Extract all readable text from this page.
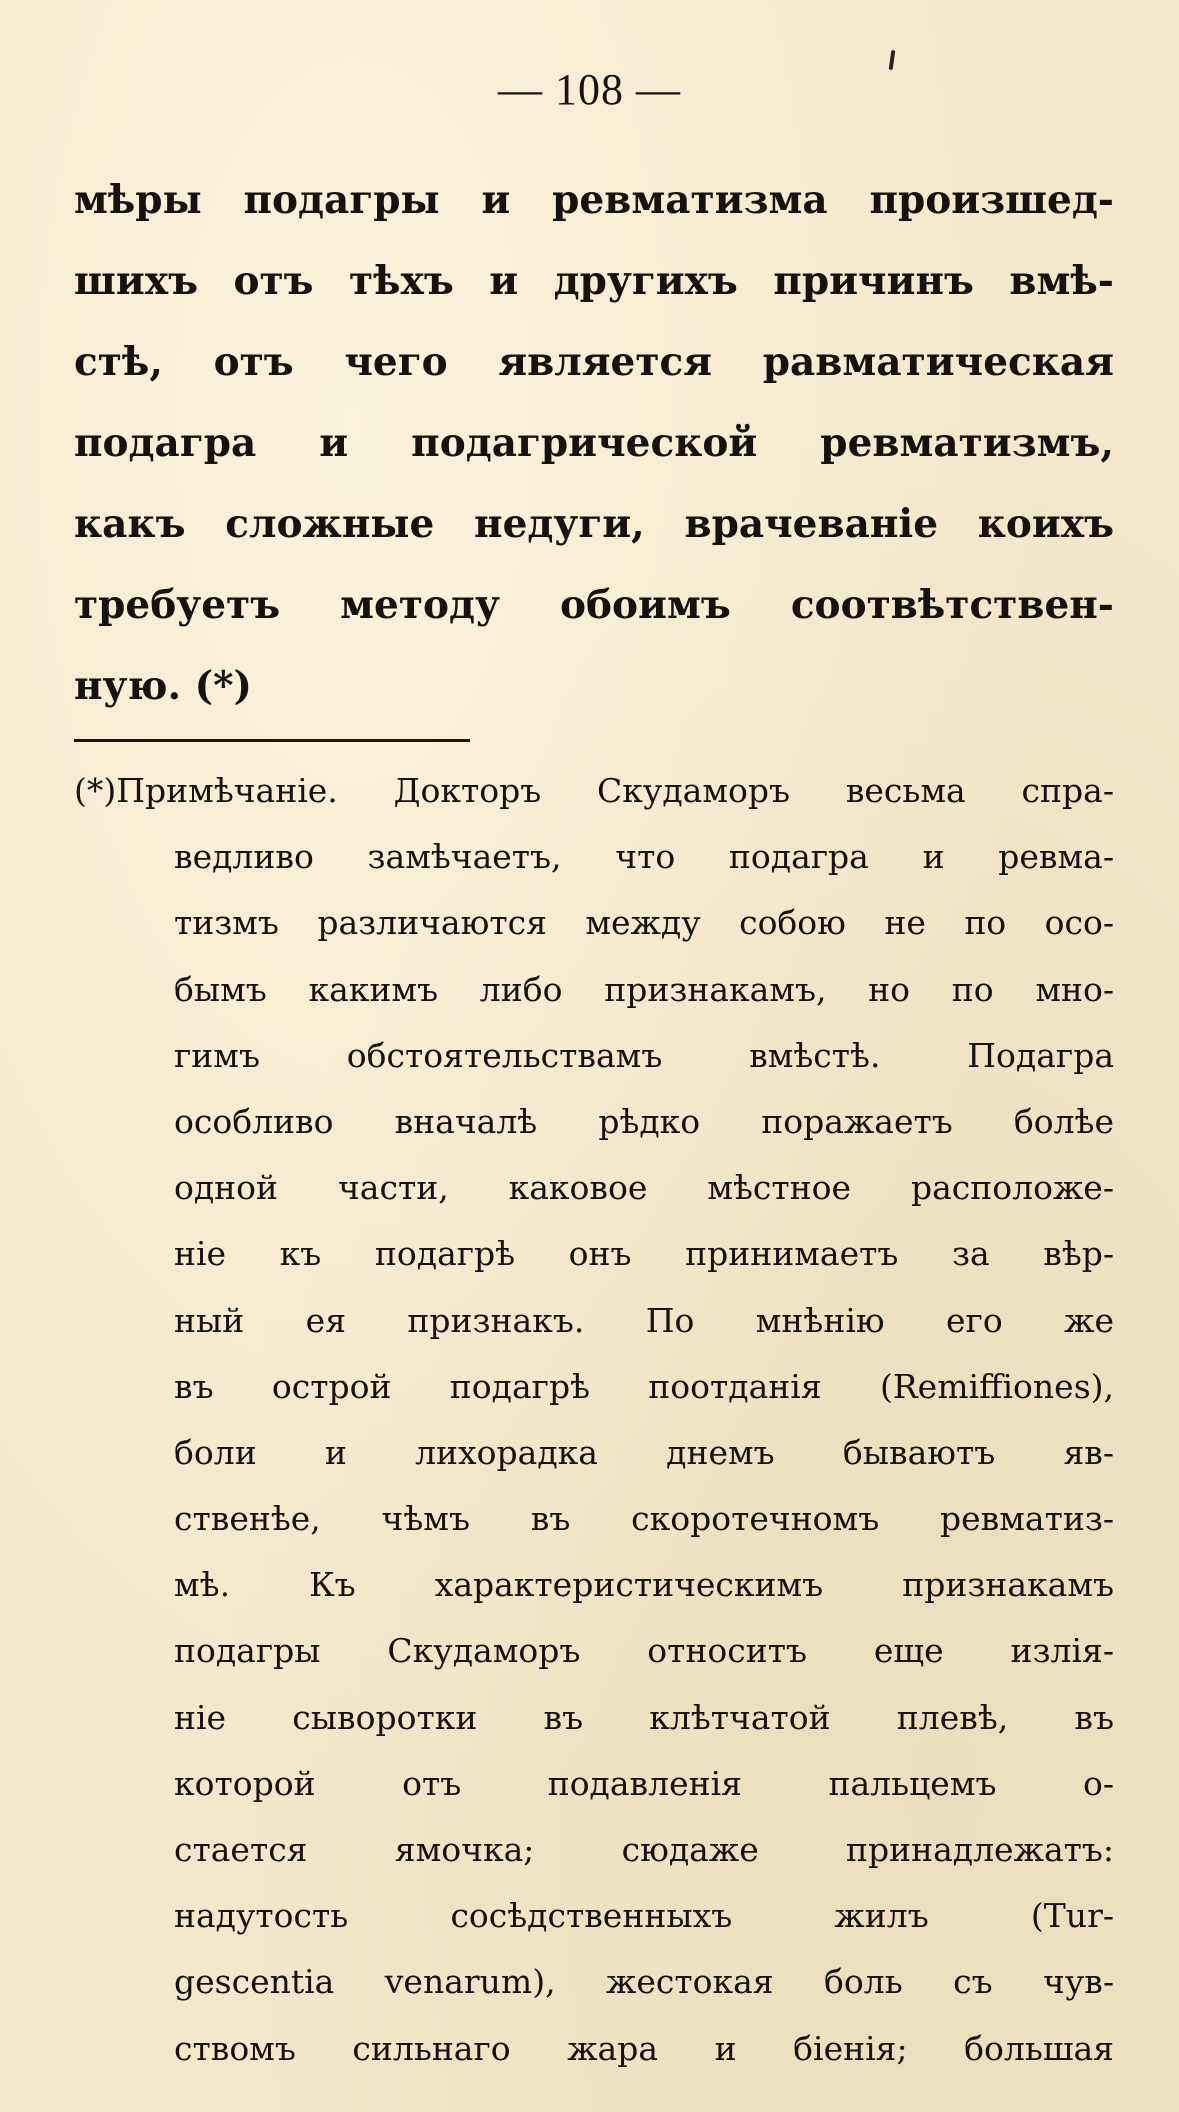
— 108 —
мѣры подагры и ревматизма произшед-
шихъ отъ тѣхъ и другихъ причинъ вмѣ-
стѣ, отъ чего является равматическая
подагра и подагрической ревматизмъ,
какъ сложные недуги, врачеванiе коихъ
требуетъ методу обоимъ соотвѣтствен-
ную. (*)
(*)Примѣчанiе. Докторъ Скудаморъ весьма спра-
ведливо замѣчаетъ, что подагра и ревма-
тизмъ различаются между собою не по осо-
бымъ какимъ либо признакамъ, но по мно-
гимъ обстоятельствамъ вмѣстѣ. Подагра
особливо вначалѣ рѣдко поражаетъ болѣе
одной части, каковое мѣстное расположе-
нiе къ подагрѣ онъ принимаетъ за вѣр-
ный ея признакъ. По мнѣнiю его же
въ острой подагрѣ поотданiя (Remiffiones),
боли и лихорадка днемъ бываютъ яв-
ственѣе, чѣмъ въ скоротечномъ ревматиз-
мѣ. Къ характеристическимъ признакамъ
подагры Скудаморъ относитъ еще излiя-
нiе сыворотки въ клѣтчатой плевѣ, въ
которой отъ подавленiя пальцемъ о-
стается ямочка; сюдаже принадлежатъ:
надутость сосѣдственныхъ жилъ (Tur-
gescentia venarum), жестокая боль съ чув-
ствомъ сильнаго жара и бiенiя; большая
